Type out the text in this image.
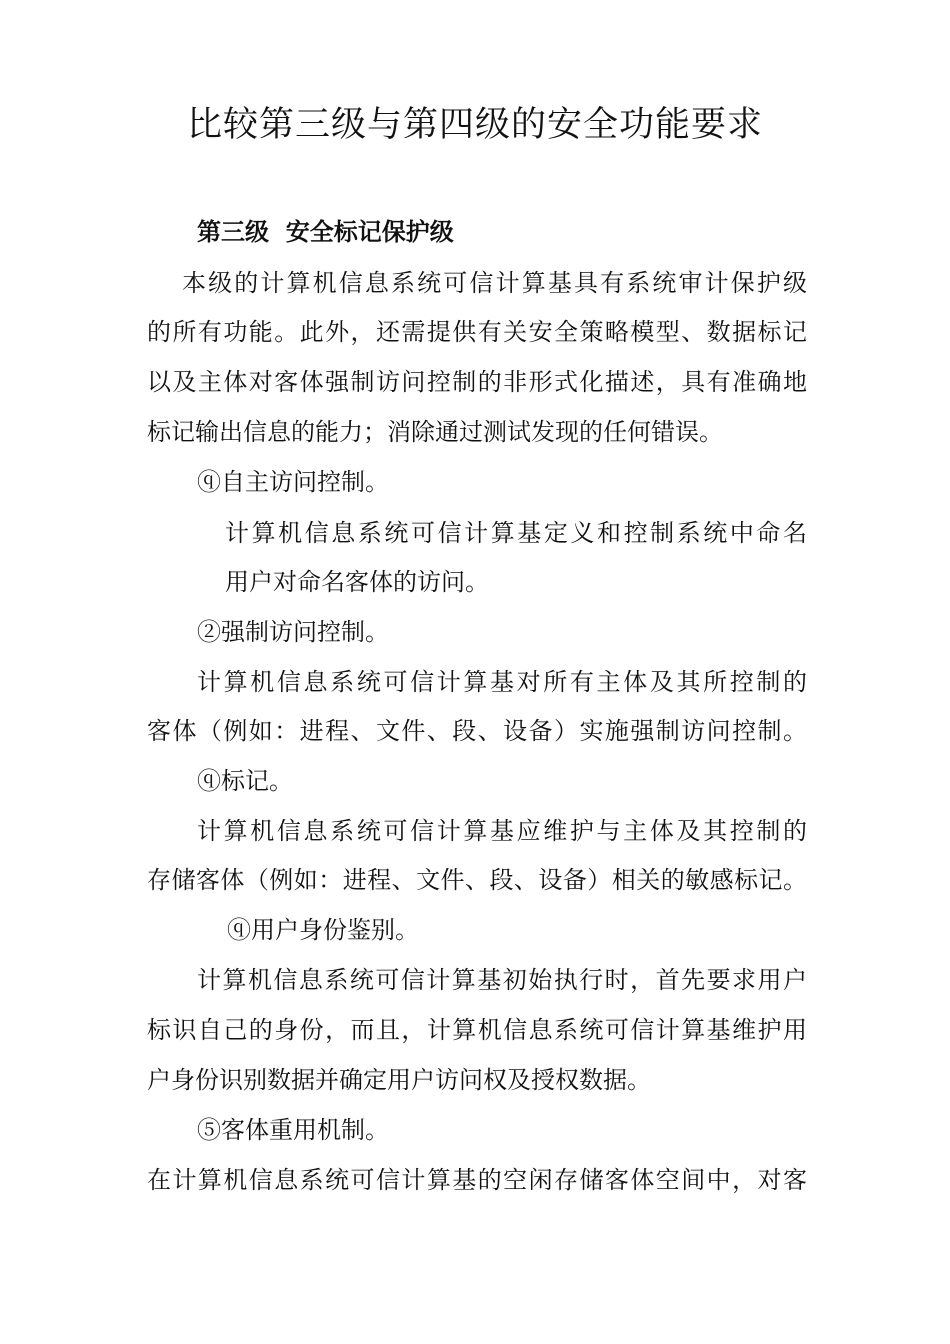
比较第三级与第四级的安全功能要求
第三级  安全标记保护级
本级的计算机信息系统可信计算基具有系统审计保护级
的所有功能。此外，还需提供有关安全策略模型、数据标记
以及主体对客体强制访问控制的非形式化描述，具有准确地
标记输出信息的能力；消除通过测试发现的任何错误。
ⓠ自主访问控制。
计算机信息系统可信计算基定义和控制系统中命名
用户对命名客体的访问。
②强制访问控制。
计算机信息系统可信计算基对所有主体及其所控制的
客体（例如：进程、文件、段、设备）实施强制访问控制。
ⓠ标记。
计算机信息系统可信计算基应维护与主体及其控制的
存储客体（例如：进程、文件、段、设备）相关的敏感标记。
ⓠ用户身份鉴别。
计算机信息系统可信计算基初始执行时，首先要求用户
标识自己的身份，而且，计算机信息系统可信计算基维护用
户身份识别数据并确定用户访问权及授权数据。
⑤客体重用机制。
在计算机信息系统可信计算基的空闲存储客体空间中，对客
